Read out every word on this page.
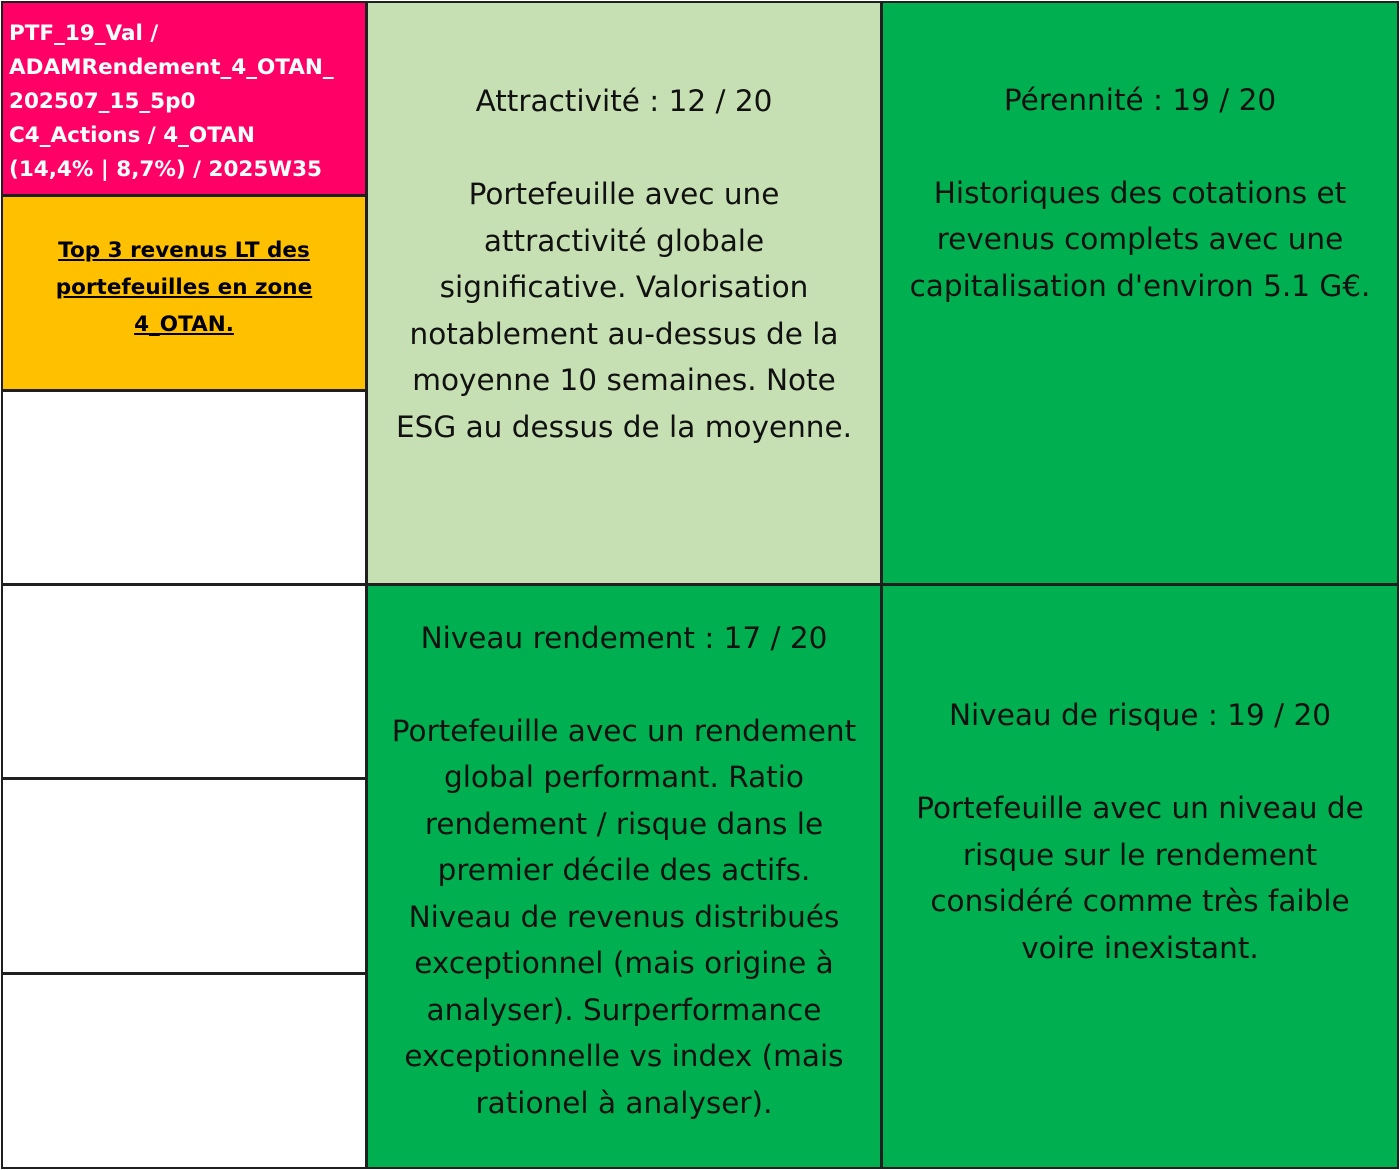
PTF_19_Val /
ADAMRendement_4_OTAN_
202507_15_5p0
C4_Actions / 4_OTAN
(14,4% | 8,7%) / 2025W35
Top 3 revenus LT des
portefeuilles en zone
4_OTAN.
Attractivité : 12 / 20
Portefeuille avec une
attractivité globale
significative. Valorisation
notablement au-dessus de la
moyenne 10 semaines. Note
ESG au dessus de la moyenne.
Pérennité : 19 / 20
Historiques des cotations et
revenus complets avec une
capitalisation d'environ 5.1 G€.
Niveau rendement : 17 / 20
Portefeuille avec un rendement
global performant. Ratio
rendement / risque dans le
premier décile des actifs.
Niveau de revenus distribués
exceptionnel (mais origine à
analyser). Surperformance
exceptionnelle vs index (mais
rationel à analyser).
Niveau de risque : 19 / 20
Portefeuille avec un niveau de
risque sur le rendement
considéré comme très faible
voire inexistant.
